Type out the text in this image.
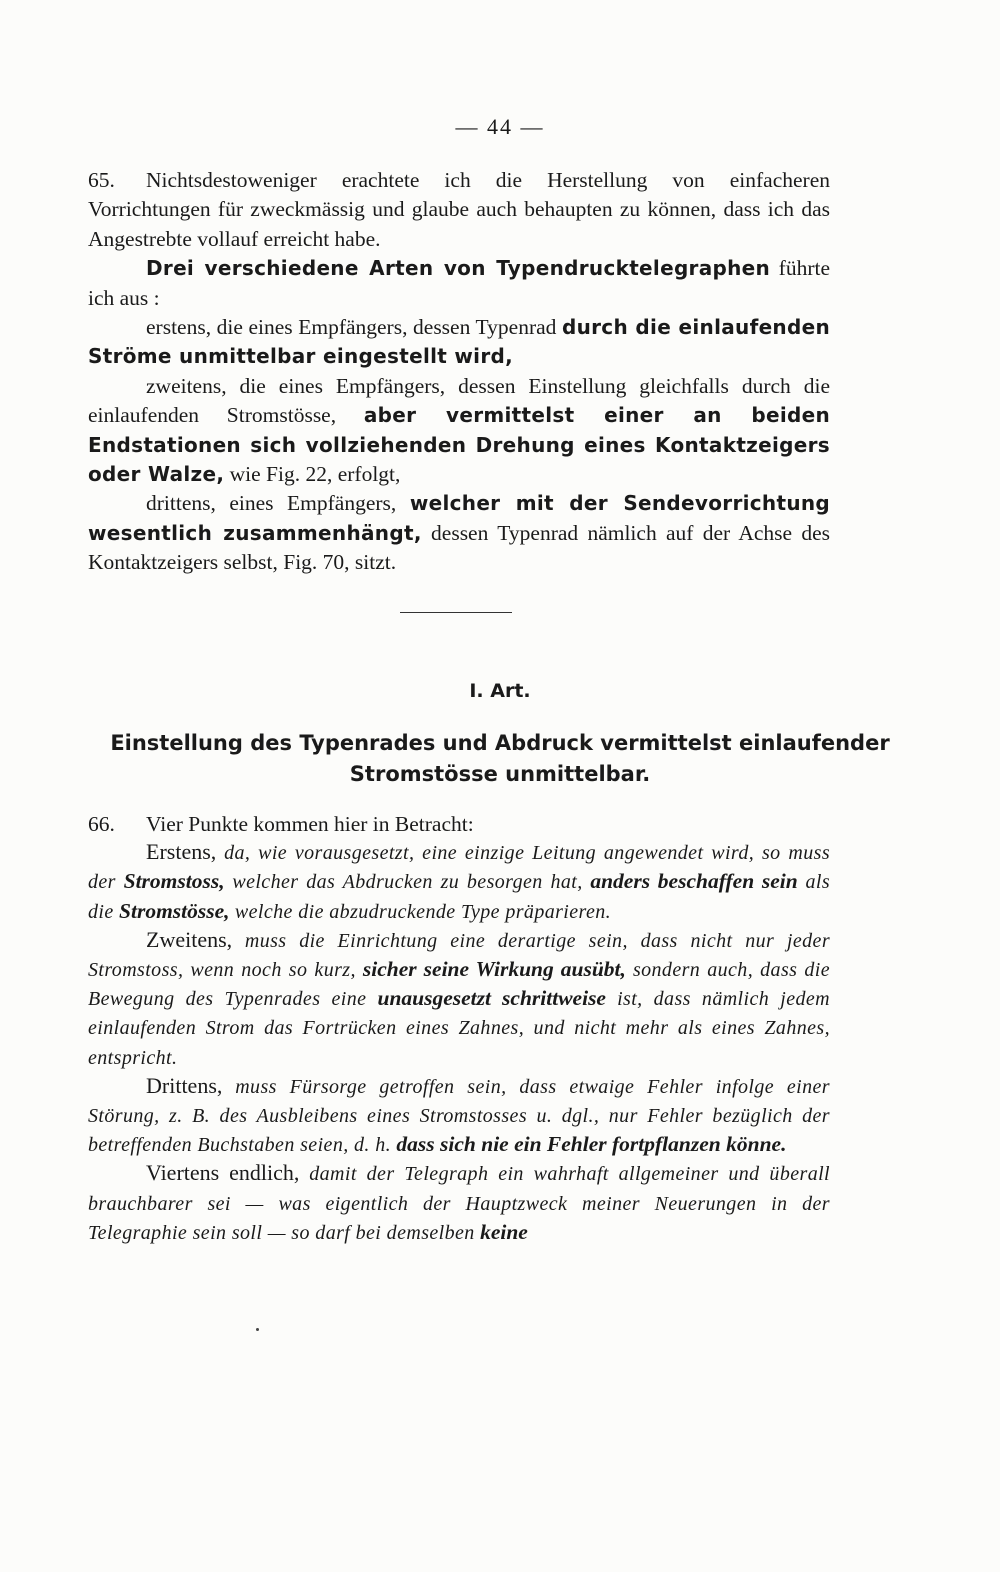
— 44 —

65. Nichtsdestoweniger erachtete ich die Herstellung von einfacheren Vorrichtungen für zweckmässig und glaube auch behaupten zu können, dass ich das Angestrebte vollauf erreicht habe.

Drei verschiedene Arten von Typendrucktelegraphen führte ich aus :

erstens, die eines Empfängers, dessen Typenrad durch die einlaufenden Ströme unmittelbar eingestellt wird,

zweitens, die eines Empfängers, dessen Einstellung gleichfalls durch die einlaufenden Stromstösse, aber vermittelst einer an beiden Endstationen sich vollziehenden Drehung eines Kontaktzeigers oder Walze, wie Fig. 22, erfolgt,

drittens, eines Empfängers, welcher mit der Sendevorrichtung wesentlich zusammenhängt, dessen Typenrad nämlich auf der Achse des Kontaktzeigers selbst, Fig. 70, sitzt.

I. Art.
Einstellung des Typenrades und Abdruck vermittelst einlaufender Stromstösse unmittelbar.

66. Vier Punkte kommen hier in Betracht:

Erstens, da, wie vorausgesetzt, eine einzige Leitung angewendet wird, so muss der Stromstoss, welcher das Abdrucken zu besorgen hat, anders beschaffen sein als die Stromstösse, welche die abzudruckende Type präparieren.

Zweitens, muss die Einrichtung eine derartige sein, dass nicht nur jeder Stromstoss, wenn noch so kurz, sicher seine Wirkung ausübt, sondern auch, dass die Bewegung des Typenrades eine unausgesetzt schrittweise ist, dass nämlich jedem einlaufenden Strom das Fortrücken eines Zahnes, und nicht mehr als eines Zahnes, entspricht.

Drittens, muss Fürsorge getroffen sein, dass etwaige Fehler infolge einer Störung, z. B. des Ausbleibens eines Stromstosses u. dgl., nur Fehler bezüglich der betreffenden Buchstaben seien, d. h. dass sich nie ein Fehler fortpflanzen könne.

Viertens endlich, damit der Telegraph ein wahrhaft allgemeiner und überall brauchbarer sei — was eigentlich der Hauptzweck meiner Neuerungen in der Telegraphie sein soll — so darf bei demselben keine
